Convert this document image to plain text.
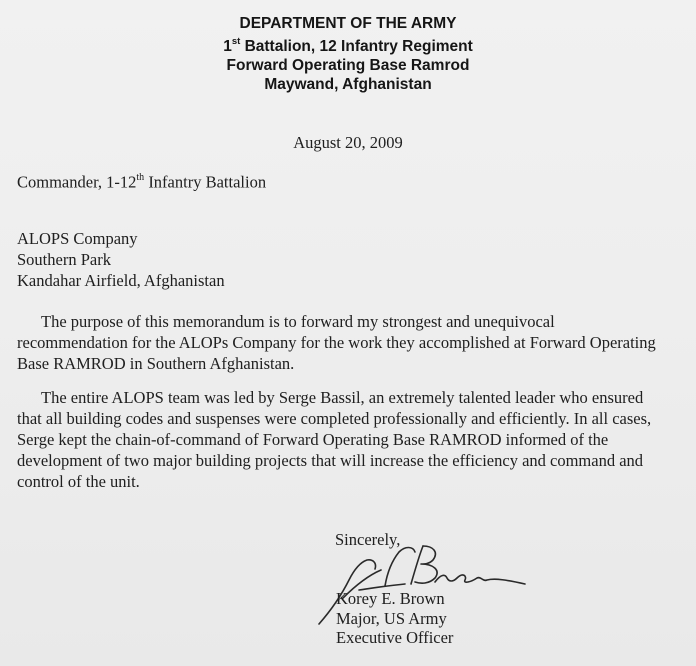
DEPARTMENT OF THE ARMY
1st Battalion, 12 Infantry Regiment
Forward Operating Base Ramrod
Maywand, Afghanistan
August 20, 2009
Commander, 1-12th Infantry Battalion
ALOPS Company
Southern Park
Kandahar Airfield, Afghanistan
The purpose of this memorandum is to forward my strongest and unequivocal
recommendation for the ALOPs Company for the work they accomplished at Forward Operating
Base RAMROD in Southern Afghanistan.
The entire ALOPS team was led by Serge Bassil, an extremely talented leader who ensured
that all building codes and suspenses were completed professionally and efficiently. In all cases,
Serge kept the chain-of-command of Forward Operating Base RAMROD informed of the
development of two major building projects that will increase the efficiency and command and
control of the unit.
Sincerely,
Korey E. Brown
Major, US Army
Executive Officer
